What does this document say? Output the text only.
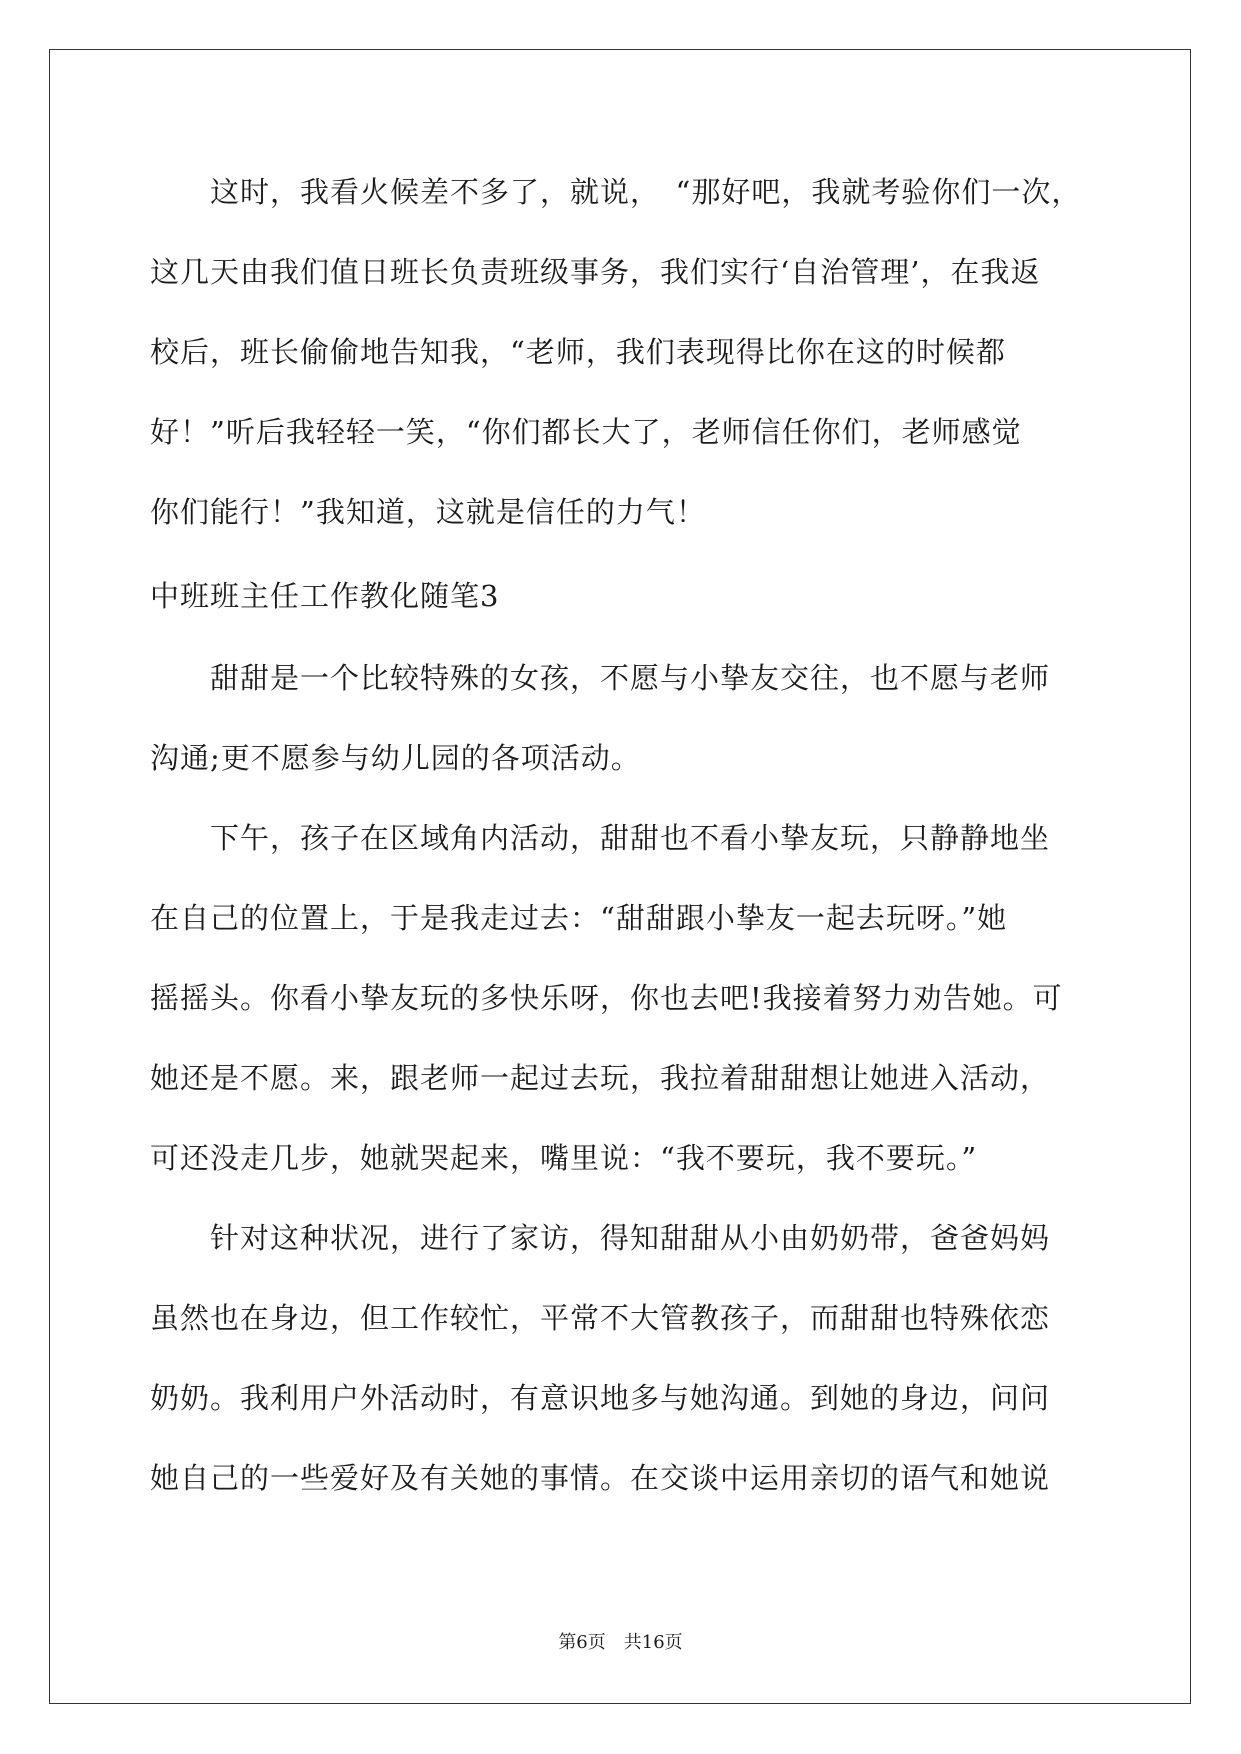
　　这时，我看火候差不多了，就说，　“那好吧，我就考验你们一次，
这几天由我们值日班长负责班级事务，我们实行‘自治管理’，在我返
校后，班长偷偷地告知我，“老师，我们表现得比你在这的时候都
好！”听后我轻轻一笑，“你们都长大了，老师信任你们，老师感觉
你们能行！”我知道，这就是信任的力气！
中班班主任工作教化随笔3
　　甜甜是一个比较特殊的女孩，不愿与小挚友交往，也不愿与老师
沟通;更不愿参与幼儿园的各项活动。
　　下午，孩子在区域角内活动，甜甜也不看小挚友玩，只静静地坐
在自己的位置上，于是我走过去：“甜甜跟小挚友一起去玩呀。”她
摇摇头。你看小挚友玩的多快乐呀，你也去吧!我接着努力劝告她。可
她还是不愿。来，跟老师一起过去玩，我拉着甜甜想让她进入活动，
可还没走几步，她就哭起来，嘴里说：“我不要玩，我不要玩。”
　　针对这种状况，进行了家访，得知甜甜从小由奶奶带，爸爸妈妈
虽然也在身边，但工作较忙，平常不大管教孩子，而甜甜也特殊依恋
奶奶。我利用户外活动时，有意识地多与她沟通。到她的身边，问问
她自己的一些爱好及有关她的事情。在交谈中运用亲切的语气和她说
第6页　共16页
